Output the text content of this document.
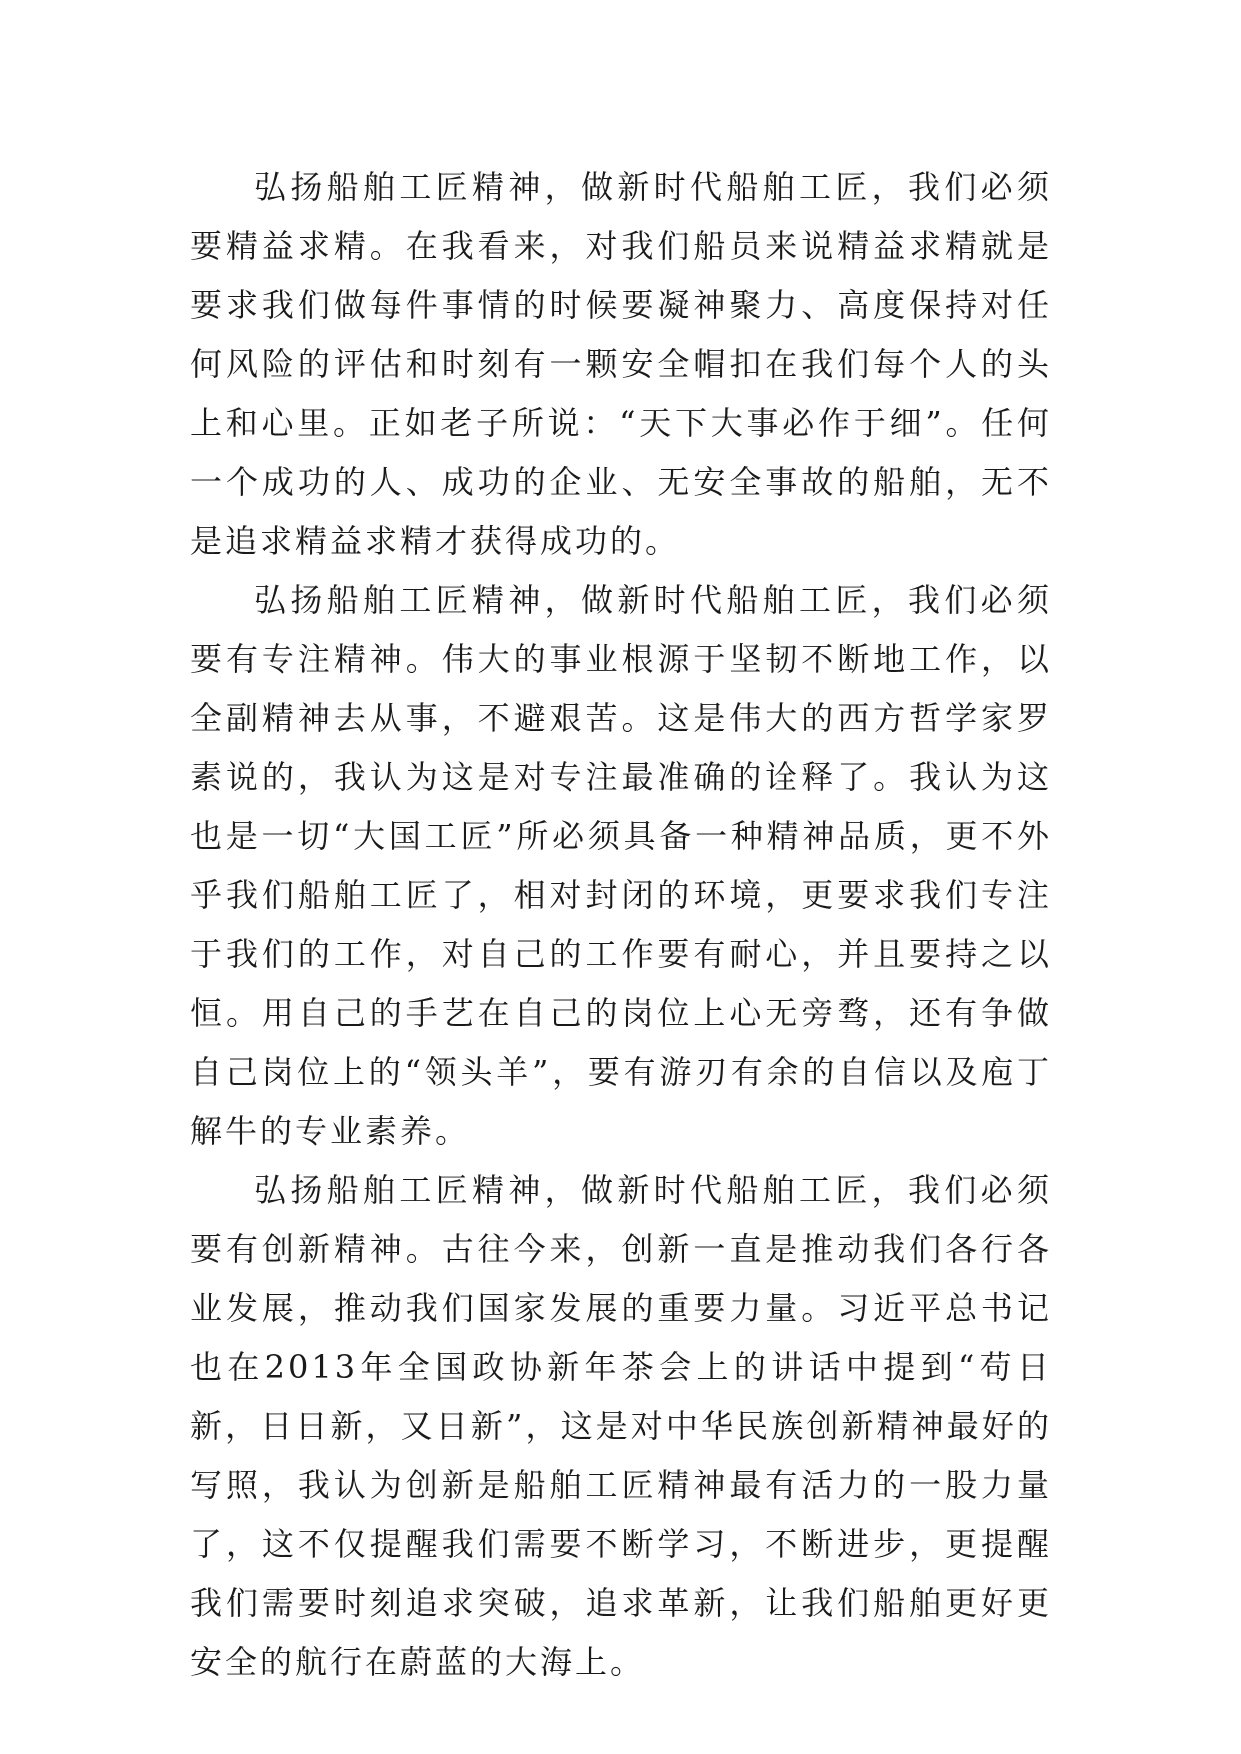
弘扬船舶工匠精神，做新时代船舶工匠，我们必须要精益求精。在我看来，对我们船员来说精益求精就是要求我们做每件事情的时候要凝神聚力、高度保持对任何风险的评估和时刻有一颗安全帽扣在我们每个人的头上和心里。正如老子所说：“天下大事必作于细”。任何一个成功的人、成功的企业、无安全事故的船舶，无不是追求精益求精才获得成功的。

弘扬船舶工匠精神，做新时代船舶工匠，我们必须要有专注精神。伟大的事业根源于坚韧不断地工作，以全副精神去从事，不避艰苦。这是伟大的西方哲学家罗素说的，我认为这是对专注最准确的诠释了。我认为这也是一切“大国工匠”所必须具备一种精神品质，更不外乎我们船舶工匠了，相对封闭的环境，更要求我们专注于我们的工作，对自己的工作要有耐心，并且要持之以恒。用自己的手艺在自己的岗位上心无旁骛，还有争做自己岗位上的“领头羊”，要有游刃有余的自信以及庖丁解牛的专业素养。

弘扬船舶工匠精神，做新时代船舶工匠，我们必须要有创新精神。古往今来，创新一直是推动我们各行各业发展，推动我们国家发展的重要力量。习近平总书记也在2013年全国政协新年茶会上的讲话中提到“苟日新，日日新，又日新”，这是对中华民族创新精神最好的写照，我认为创新是船舶工匠精神最有活力的一股力量了，这不仅提醒我们需要不断学习，不断进步，更提醒我们需要时刻追求突破，追求革新，让我们船舶更好更安全的航行在蔚蓝的大海上。
